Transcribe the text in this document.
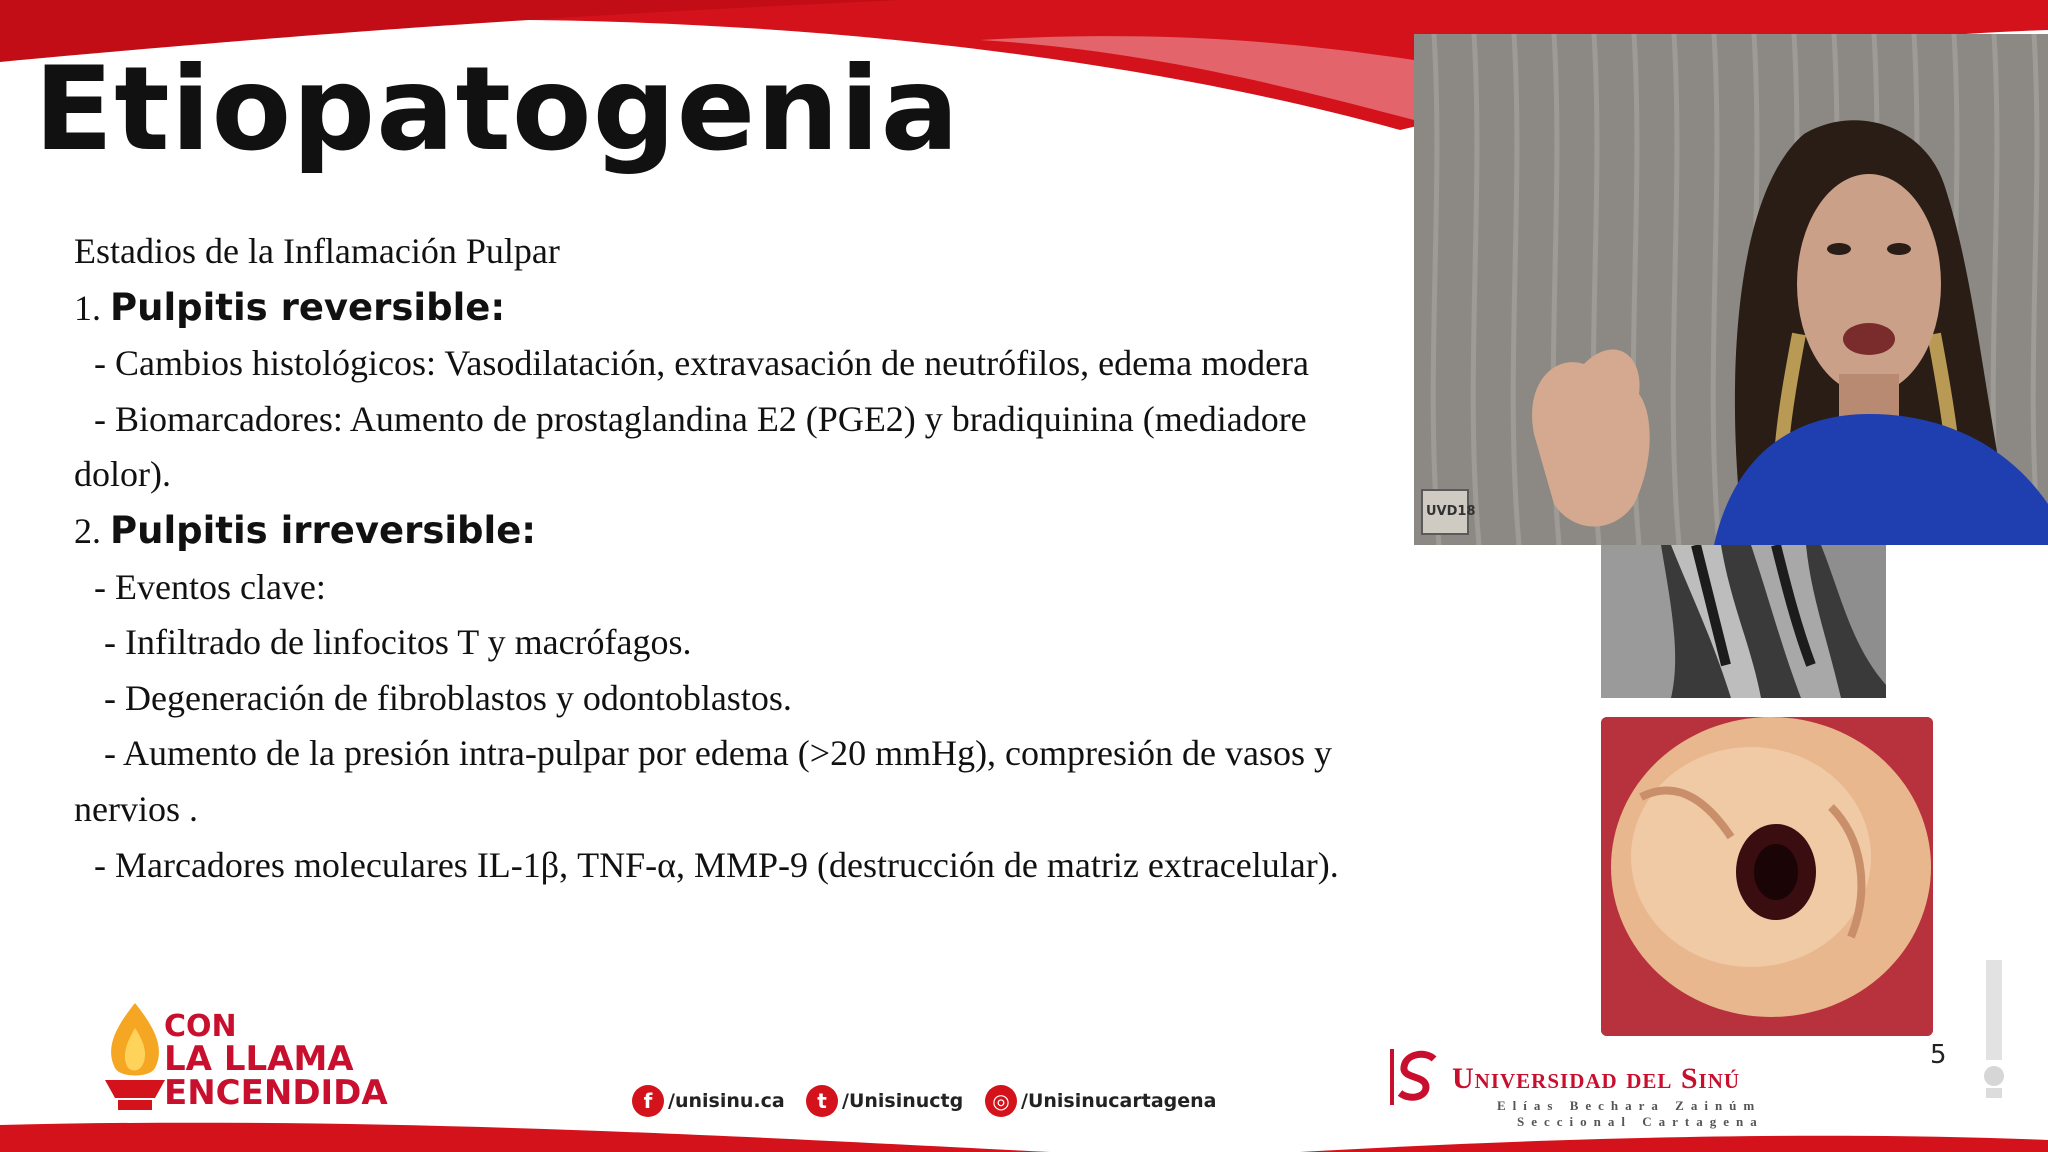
Etiopatogenia
Estadios de la Inflamación Pulpar
1. Pulpitis reversible:
- Cambios histológicos: Vasodilatación, extravasación de neutrófilos, edema modera
- Biomarcadores: Aumento de prostaglandina E2 (PGE2) y bradiquinina (mediadore
dolor).
2. Pulpitis irreversible:
- Eventos clave:
- Infiltrado de linfocitos T y macrófagos.
- Degeneración de fibroblastos y odontoblastos.
- Aumento de la presión intra-pulpar por edema (>20 mmHg), compresión de vasos y
nervios .
- Marcadores moleculares IL-1β, TNF-α, MMP-9 (destrucción de matriz extracelular).
UVD18
5
CON
LA LLAMA
ENCENDIDA	f /unisinu.ca	t /Unisinuctg	◎ /Unisinucartagena
Universidad del Sinú
Elías Bechara Zainúm
Seccional Cartagena
